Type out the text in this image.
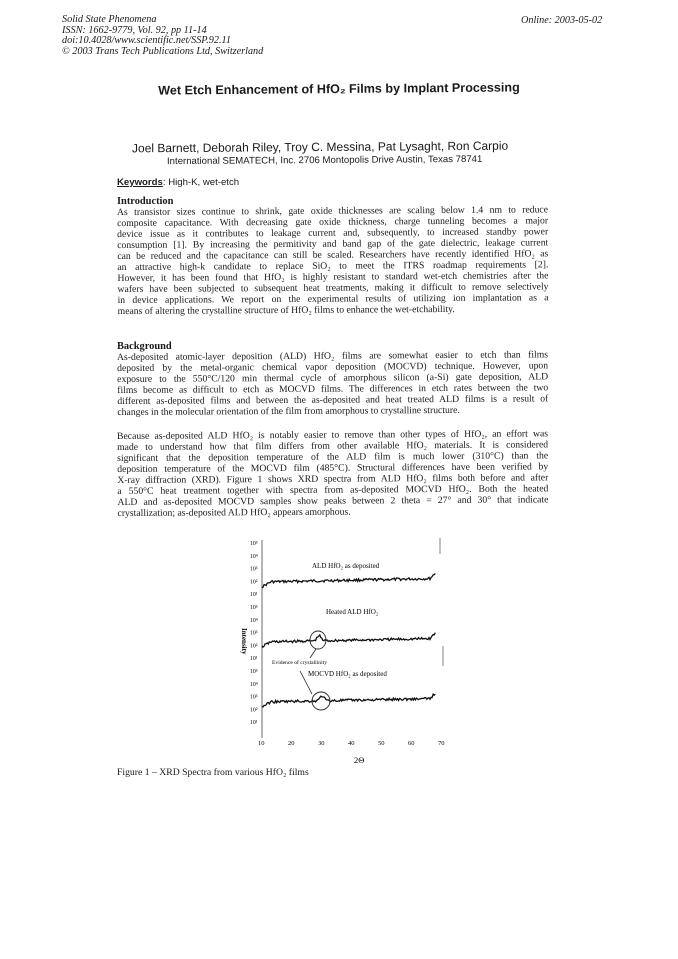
Solid State Phenomena
ISSN: 1662-9779, Vol. 92, pp 11-14
doi:10.4028/www.scientific.net/SSP.92.11
© 2003 Trans Tech Publications Ltd, Switzerland
Online: 2003-05-02
Wet Etch Enhancement of HfO₂ Films by Implant Processing
Joel Barnett, Deborah Riley, Troy C. Messina, Pat Lysaght, Ron Carpio
International SEMATECH, Inc. 2706 Montopolis Drive Austin, Texas 78741
Keywords: High-K, wet-etch
Introduction
As transistor sizes continue to shrink, gate oxide thicknesses are scaling below 1.4 nm to reduce
composite capacitance. With decreasing gate oxide thickness, charge tunneling becomes a major
device issue as it contributes to leakage current and, subsequently, to increased standby power
consumption [1]. By increasing the permitivity and band gap of the gate dielectric, leakage current
can be reduced and the capacitance can still be scaled. Researchers have recently identified HfO₂ as
an attractive high-k candidate to replace SiO₂ to meet the ITRS roadmap requirements [2].
However, it has been found that HfO₂ is highly resistant to standard wet-etch chemistries after the
wafers have been subjected to subsequent heat treatments, making it difficult to remove selectively
in device applications. We report on the experimental results of utilizing ion implantation as a
means of altering the crystalline structure of HfO₂ films to enhance the wet-etchability.
Background
As-deposited atomic-layer deposition (ALD) HfO₂ films are somewhat easier to etch than films
deposited by the metal-organic chemical vapor deposition (MOCVD) technique. However, upon
exposure to the 550°C/120 min thermal cycle of amorphous silicon (a-Si) gate deposition, ALD
films become as difficult to etch as MOCVD films. The differences in etch rates between the two
different as-deposited films and between the as-deposited and heat treated ALD films is a result of
changes in the molecular orientation of the film from amorphous to crystalline structure.
Because as-deposited ALD HfO₂ is notably easier to remove than other types of HfO₂, an effort was
made to understand how that film differs from other available HfO₂ materials. It is considered
significant that the deposition temperature of the ALD film is much lower (310°C) than the
deposition temperature of the MOCVD film (485°C). Structural differences have been verified by
X-ray diffraction (XRD). Figure 1 shows XRD spectra from ALD HfO₂ films both before and after
a 550°C heat treatment together with spectra from as-deposited MOCVD HfO₂. Both the heated
ALD and as-deposited MOCVD samples show peaks between 2 theta = 27° and 30° that indicate
crystallization; as-deposited ALD HfO₂ appears amorphous.
10⁵
10⁴
10³
10²
10¹
10⁵
10⁴
10³
10²
10¹
10⁵
10⁴
10³
10²
10¹
Intensity
ALD HfO₂ as deposited
Heated ALD HfO₂
MOCVD HfO₂ as deposited
Evidence of crystallinity
10	20	30	40	50	60	70
2Θ
Figure 1 – XRD Spectra from various HfO₂ films
